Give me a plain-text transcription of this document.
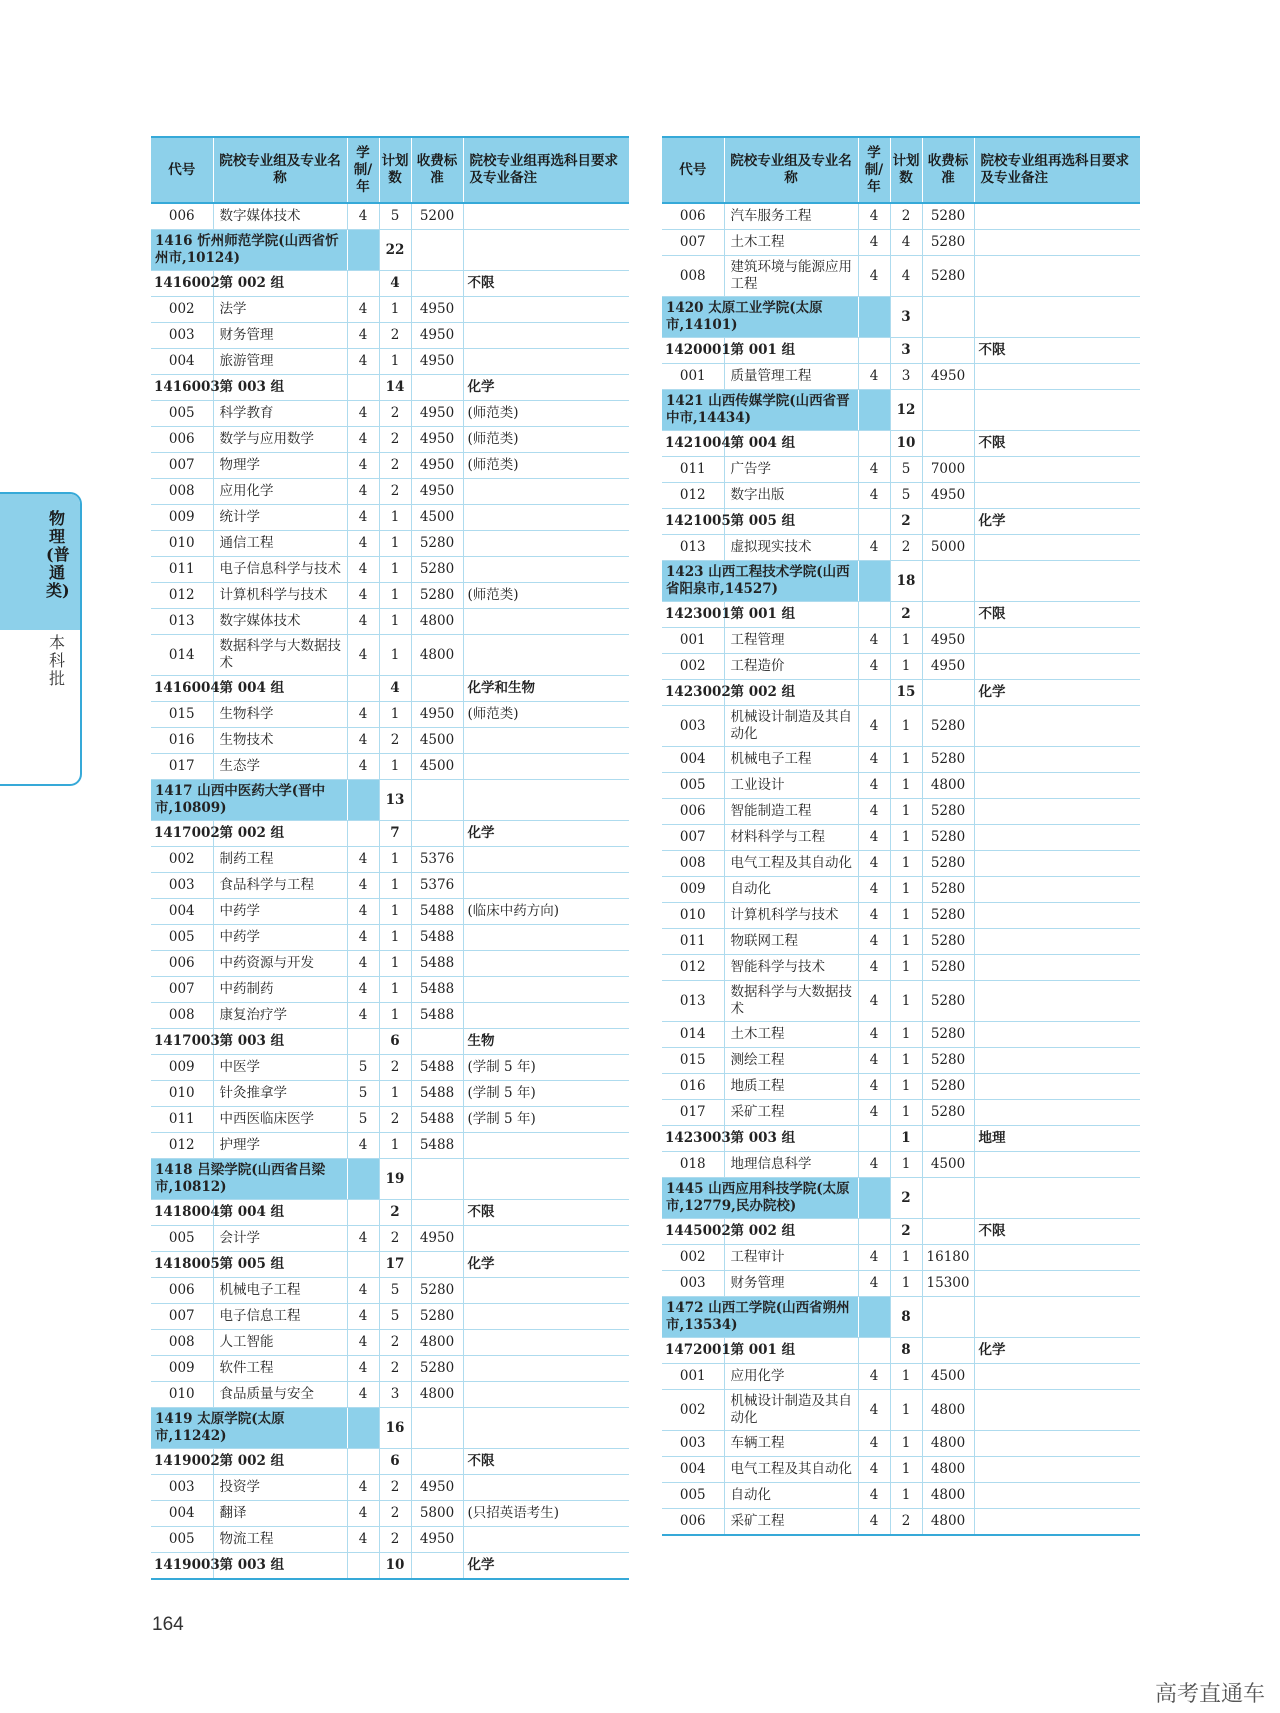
代号	院校专业组及专业名称	学制/年	计划数	收费标准	院校专业组再选科目要求及专业备注
006	数字媒体技术	4	5	5200	
1416 忻州师范学院(山西省忻州市,10124)			22		
1416002	第 002 组		4		不限
002	法学	4	1	4950	
003	财务管理	4	2	4950	
004	旅游管理	4	1	4950	
1416003	第 003 组		14		化学
005	科学教育	4	2	4950	(师范类)
006	数学与应用数学	4	2	4950	(师范类)
007	物理学	4	2	4950	(师范类)
008	应用化学	4	2	4950	
009	统计学	4	1	4500	
010	通信工程	4	1	5280	
011	电子信息科学与技术	4	1	5280	
012	计算机科学与技术	4	1	5280	(师范类)
013	数字媒体技术	4	1	4800	
014	数据科学与大数据技术	4	1	4800	
1416004	第 004 组		4		化学和生物
015	生物科学	4	1	4950	(师范类)
016	生物技术	4	2	4500	
017	生态学	4	1	4500	
1417 山西中医药大学(晋中市,10809)			13		
1417002	第 002 组		7		化学
002	制药工程	4	1	5376	
003	食品科学与工程	4	1	5376	
004	中药学	4	1	5488	(临床中药方向)
005	中药学	4	1	5488	
006	中药资源与开发	4	1	5488	
007	中药制药	4	1	5488	
008	康复治疗学	4	1	5488	
1417003	第 003 组		6		生物
009	中医学	5	2	5488	(学制 5 年)
010	针灸推拿学	5	1	5488	(学制 5 年)
011	中西医临床医学	5	2	5488	(学制 5 年)
012	护理学	4	1	5488	
1418 吕梁学院(山西省吕梁市,10812)			19		
1418004	第 004 组		2		不限
005	会计学	4	2	4950	
1418005	第 005 组		17		化学
006	机械电子工程	4	5	5280	
007	电子信息工程	4	5	5280	
008	人工智能	4	2	4800	
009	软件工程	4	2	5280	
010	食品质量与安全	4	3	4800	
1419 太原学院(太原市,11242)			16		
1419002	第 002 组		6		不限
003	投资学	4	2	4950	
004	翻译	4	2	5800	(只招英语考生)
005	物流工程	4	2	4950	
1419003	第 003 组		10		化学
代号	院校专业组及专业名称	学制/年	计划数	收费标准	院校专业组再选科目要求及专业备注
006	汽车服务工程	4	2	5280	
007	土木工程	4	4	5280	
008	建筑环境与能源应用工程	4	4	5280	
1420 太原工业学院(太原市,14101)			3		
1420001	第 001 组		3		不限
001	质量管理工程	4	3	4950	
1421 山西传媒学院(山西省晋中市,14434)			12		
1421004	第 004 组		10		不限
011	广告学	4	5	7000	
012	数字出版	4	5	4950	
1421005	第 005 组		2		化学
013	虚拟现实技术	4	2	5000	
1423 山西工程技术学院(山西省阳泉市,14527)			18		
1423001	第 001 组		2		不限
001	工程管理	4	1	4950	
002	工程造价	4	1	4950	
1423002	第 002 组		15		化学
003	机械设计制造及其自动化	4	1	5280	
004	机械电子工程	4	1	5280	
005	工业设计	4	1	4800	
006	智能制造工程	4	1	5280	
007	材料科学与工程	4	1	5280	
008	电气工程及其自动化	4	1	5280	
009	自动化	4	1	5280	
010	计算机科学与技术	4	1	5280	
011	物联网工程	4	1	5280	
012	智能科学与技术	4	1	5280	
013	数据科学与大数据技术	4	1	5280	
014	土木工程	4	1	5280	
015	测绘工程	4	1	5280	
016	地质工程	4	1	5280	
017	采矿工程	4	1	5280	
1423003	第 003 组		1		地理
018	地理信息科学	4	1	4500	
1445 山西应用科技学院(太原市,12779,民办院校)			2		
1445002	第 002 组		2		不限
002	工程审计	4	1	16180	
003	财务管理	4	1	15300	
1472 山西工学院(山西省朔州市,13534)			8		
1472001	第 001 组		8		化学
001	应用化学	4	1	4500	
002	机械设计制造及其自动化	4	1	4800	
003	车辆工程	4	1	4800	
004	电气工程及其自动化	4	1	4800	
005	自动化	4	1	4800	
006	采矿工程	4	2	4800	
物理(普通类)
本科批
164
高考直通车
